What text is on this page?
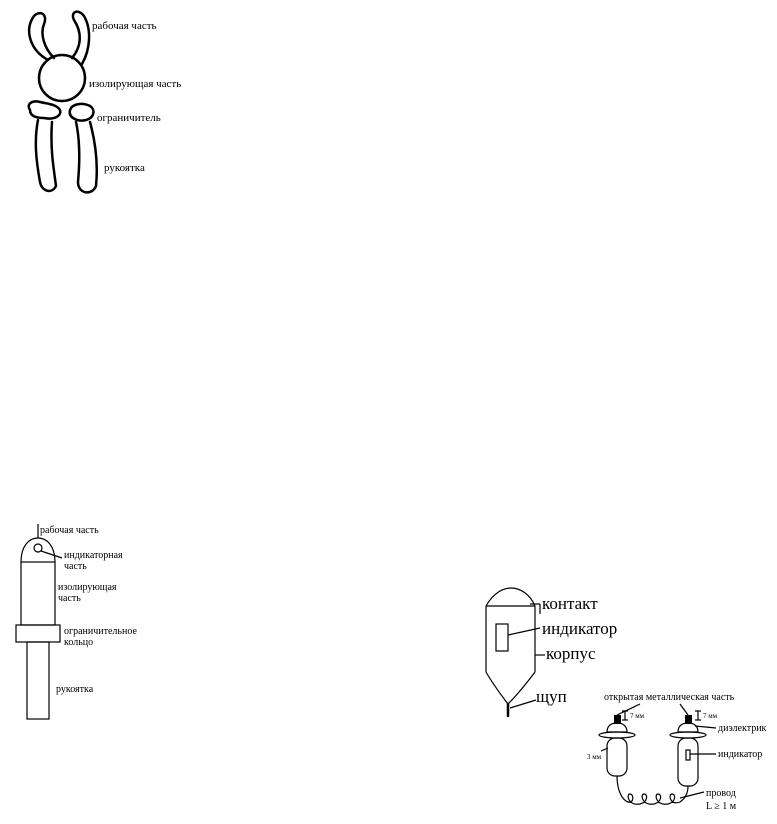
рабочая часть
изолирующая часть
ограничитель
рукоятка
рабочая часть
индикаторная
часть
изолирующая
часть
ограничительное
кольцо
рукоятка
контакт
индикатор
корпус
щуп	открытая металлическая часть
7 мм	7 мм
диэлектрик
3 мм	индикатор
провод
L ≥ 1 м
